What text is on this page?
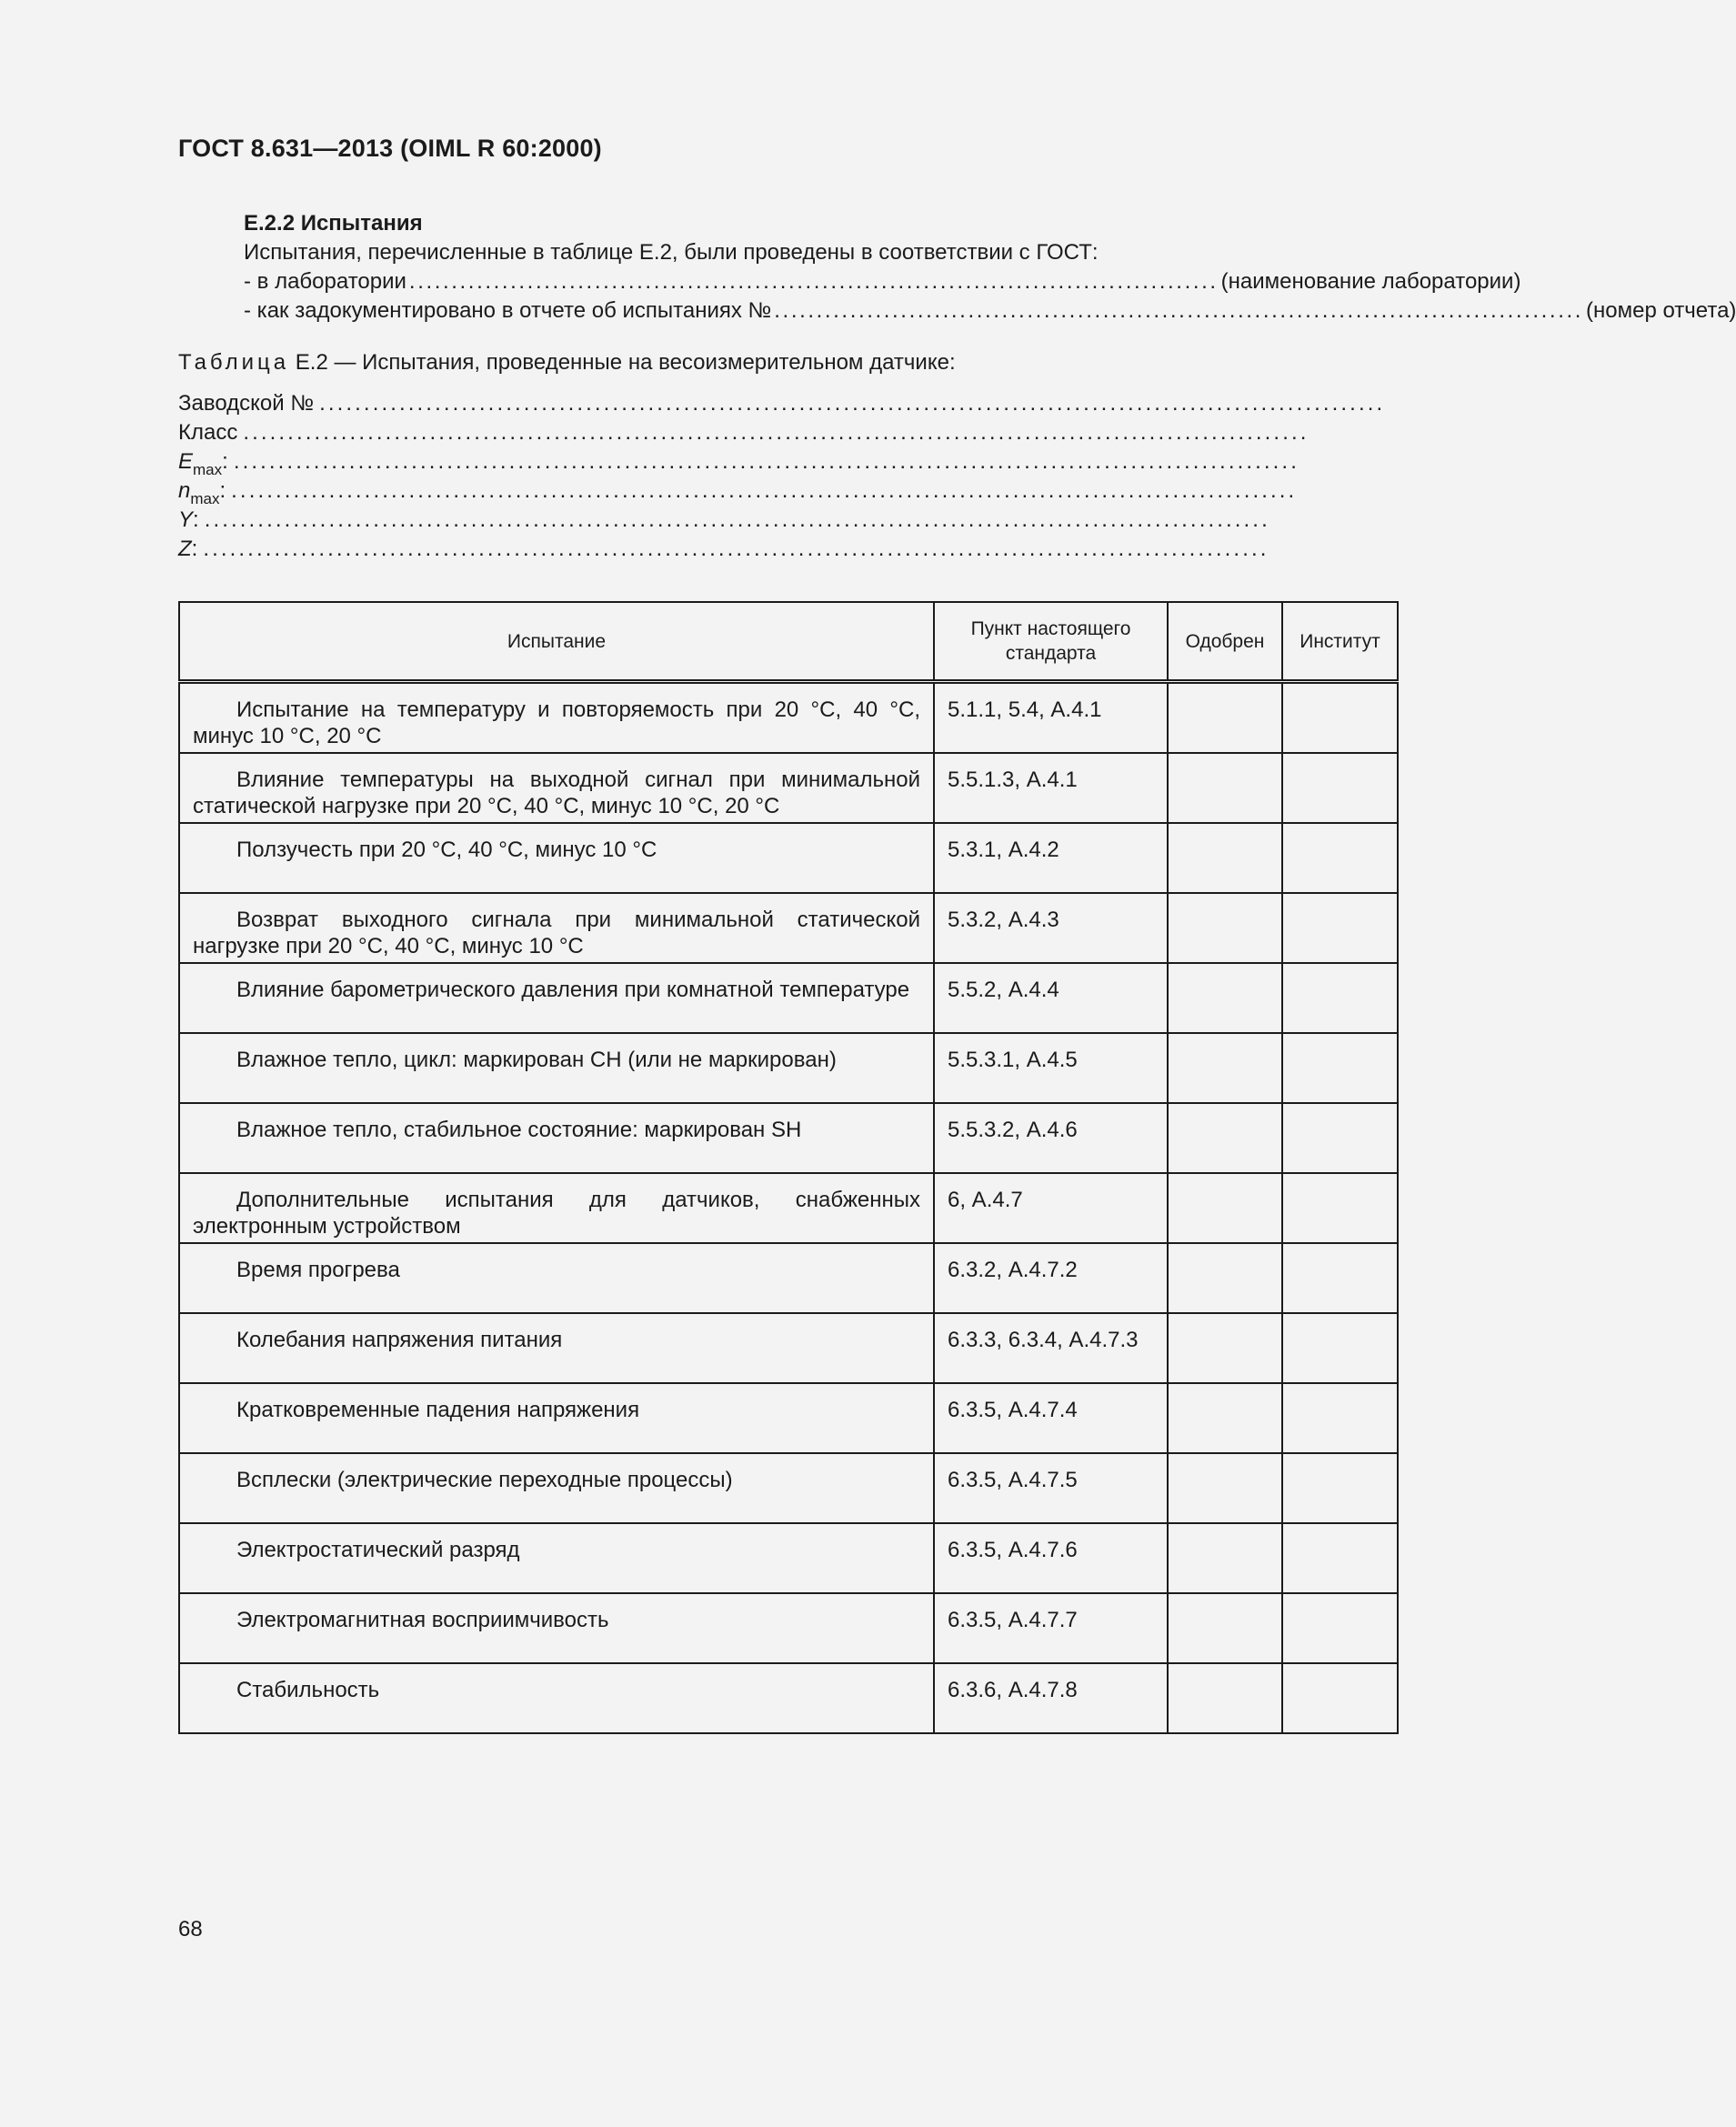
ГОСТ 8.631—2013 (OIML R 60:2000)
Е.2.2 Испытания
Испытания, перечисленные в таблице Е.2, были проведены в соответствии с ГОСТ:
- в лаборатории ................................................................................................ (наименование лаборатории)
- как задокументировано в отчете об испытаниях № ................................................................................................ (номер отчета)
Таблица Е.2 — Испытания, проведенные на весоизмерительном датчике:
Заводской № ........................................................................................................................
Класс ........................................................................................................................
$E_{max}$: ........................................................................................................................
$n_{max}$: ........................................................................................................................
Y: ........................................................................................................................
Z: ........................................................................................................................
Испытание	Пункт настоящего стандарта	Одобрен	Институт
Испытание на температуру и повторяемость при 20 °С, 40 °С, минус 10 °С, 20 °С	5.1.1, 5.4, А.4.1		
Влияние температуры на выходной сигнал при минимальной статической нагрузке при 20 °С, 40 °С, минус 10 °С, 20 °С	5.5.1.3, А.4.1		
Ползучесть при 20 °С, 40 °С, минус 10 °С	5.3.1, А.4.2		
Возврат выходного сигнала при минимальной статической нагрузке при 20 °С, 40 °С, минус 10 °С	5.3.2, А.4.3		
Влияние барометрического давления при комнатной температуре	5.5.2, А.4.4		
Влажное тепло, цикл: маркирован СН (или не маркирован)	5.5.3.1, А.4.5		
Влажное тепло, стабильное состояние: маркирован SH	5.5.3.2, А.4.6		
Дополнительные испытания для датчиков, снабженных электронным устройством	6, А.4.7		
Время прогрева	6.3.2, А.4.7.2		
Колебания напряжения питания	6.3.3, 6.3.4, А.4.7.3		
Кратковременные падения напряжения	6.3.5, А.4.7.4		
Всплески (электрические переходные процессы)	6.3.5, А.4.7.5		
Электростатический разряд	6.3.5, А.4.7.6		
Электромагнитная восприимчивость	6.3.5, А.4.7.7		
Стабильность	6.3.6, А.4.7.8		
68
